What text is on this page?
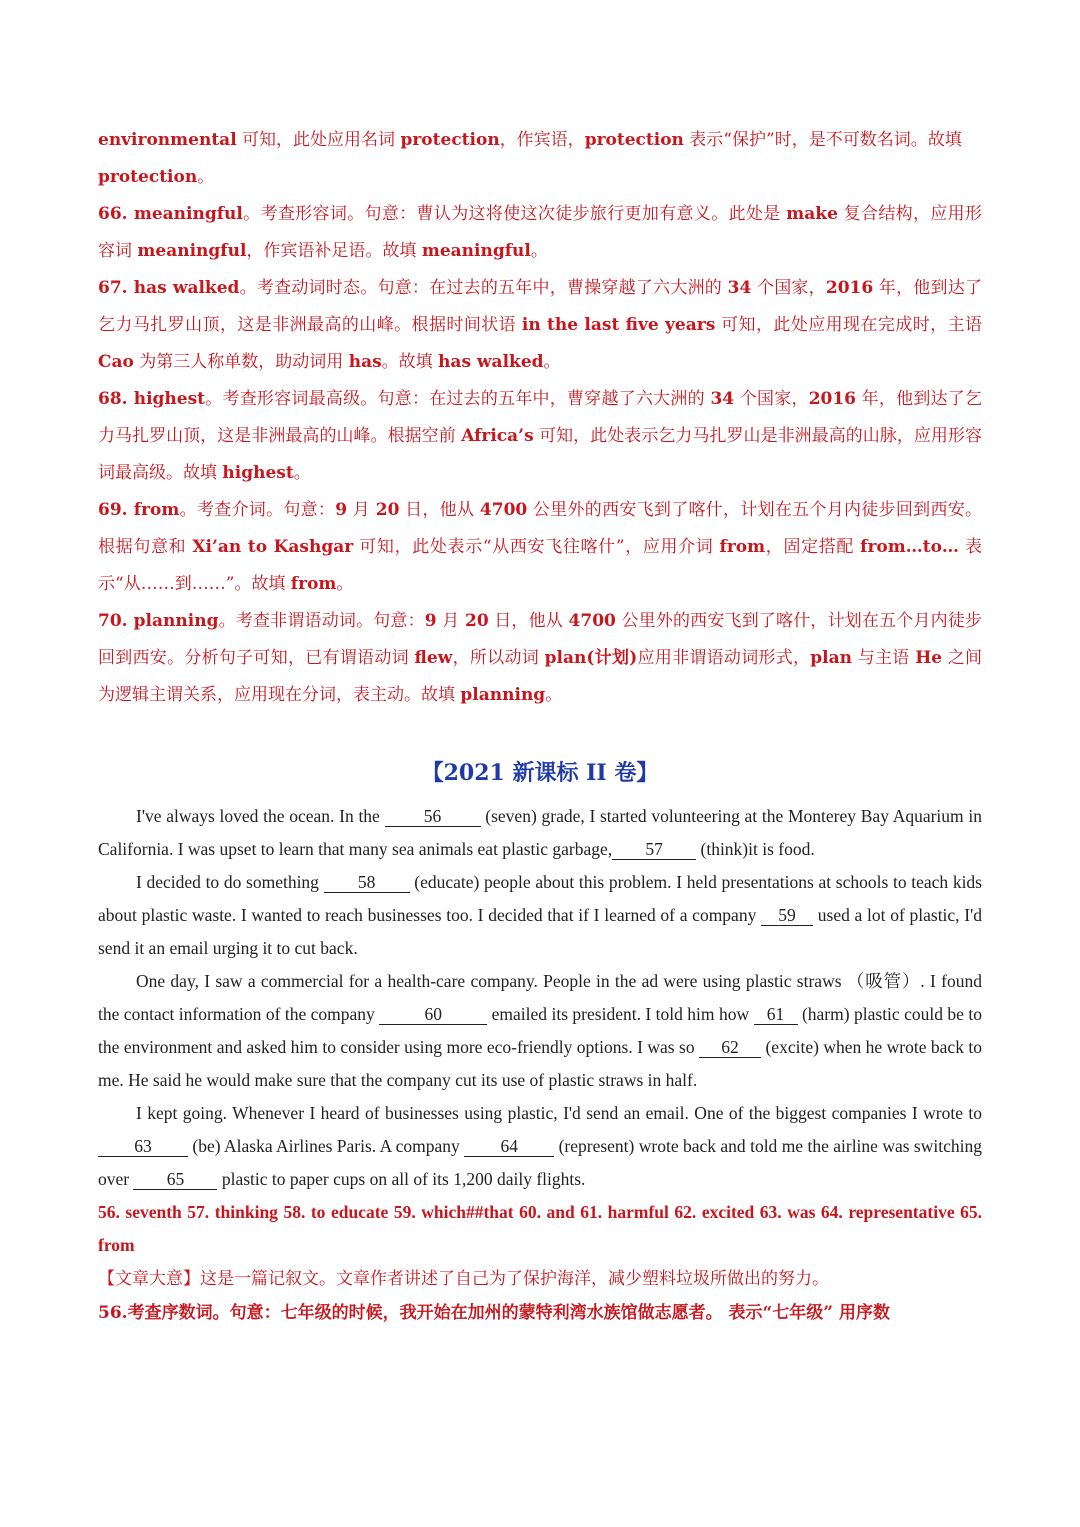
environmental 可知，此处应用名词 protection，作宾语，protection 表示“保护”时，是不可数名词。故填
protection。

66. meaningful。考查形容词。句意：曹认为这将使这次徒步旅行更加有意义。此处是 make 复合结构，应用形容词 meaningful，作宾语补足语。故填 meaningful。

67. has walked。考查动词时态。句意：在过去的五年中，曹操穿越了六大洲的 34 个国家，2016 年，他到达了乞力马扎罗山顶，这是非洲最高的山峰。根据时间状语 in the last five years 可知，此处应用现在完成时，主语 Cao 为第三人称单数，助动词用 has。故填 has walked。

68. highest。考查形容词最高级。句意：在过去的五年中，曹穿越了六大洲的 34 个国家，2016 年，他到达了乞力马扎罗山顶，这是非洲最高的山峰。根据空前 Africa’s 可知，此处表示乞力马扎罗山是非洲最高的山脉，应用形容词最高级。故填 highest。

69. from。考查介词。句意：9 月 20 日，他从 4700 公里外的西安飞到了喀什，计划在五个月内徒步回到西安。根据句意和 Xi’an to Kashgar 可知，此处表示“从西安飞往喀什”，应用介词 from，固定搭配 from…to… 表示“从……到……”。故填 from。

70. planning。考查非谓语动词。句意：9 月 20 日，他从 4700 公里外的西安飞到了喀什，计划在五个月内徒步回到西安。分析句子可知，已有谓语动词 flew，所以动词 plan(计划)应用非谓语动词形式，plan 与主语 He 之间为逻辑主谓关系，应用现在分词，表主动。故填 planning。

【2021 新课标 II 卷】

I've always loved the ocean. In the 56 (seven) grade, I started volunteering at the Monterey Bay Aquarium in California. I was upset to learn that many sea animals eat plastic garbage, 57 (think)it is food.

I decided to do something 58 (educate) people about this problem. I held presentations at schools to teach kids about plastic waste. I wanted to reach businesses too. I decided that if I learned of a company 59 used a lot of plastic, I'd send it an email urging it to cut back.

One day, I saw a commercial for a health-care company. People in the ad were using plastic straws （吸管）. I found the contact information of the company	60	emailed its president. I told him how 61 (harm) plastic could be to the environment and asked him to consider using more eco-friendly options. I was so 62 (excite) when he wrote back to me. He said he would make sure that the company cut its use of plastic straws in half.

I kept going. Whenever I heard of businesses using plastic, I'd send an email. One of the biggest companies I wrote to 63 (be) Alaska Airlines Paris. A company 64 (represent) wrote back and told me the airline was switching over 65 plastic to paper cups on all of its 1,200 daily flights.

56. seventh 57. thinking 58. to educate 59. which##that 60. and 61. harmful 62. excited 63. was 64. representative 65. from
【文章大意】这是一篇记叙文。文章作者讲述了自己为了保护海洋，减少塑料垃圾所做出的努力。
56.考查序数词。句意：七年级的时候，我开始在加州的蒙特利湾水族馆做志愿者。 表示“七年级” 用序数
